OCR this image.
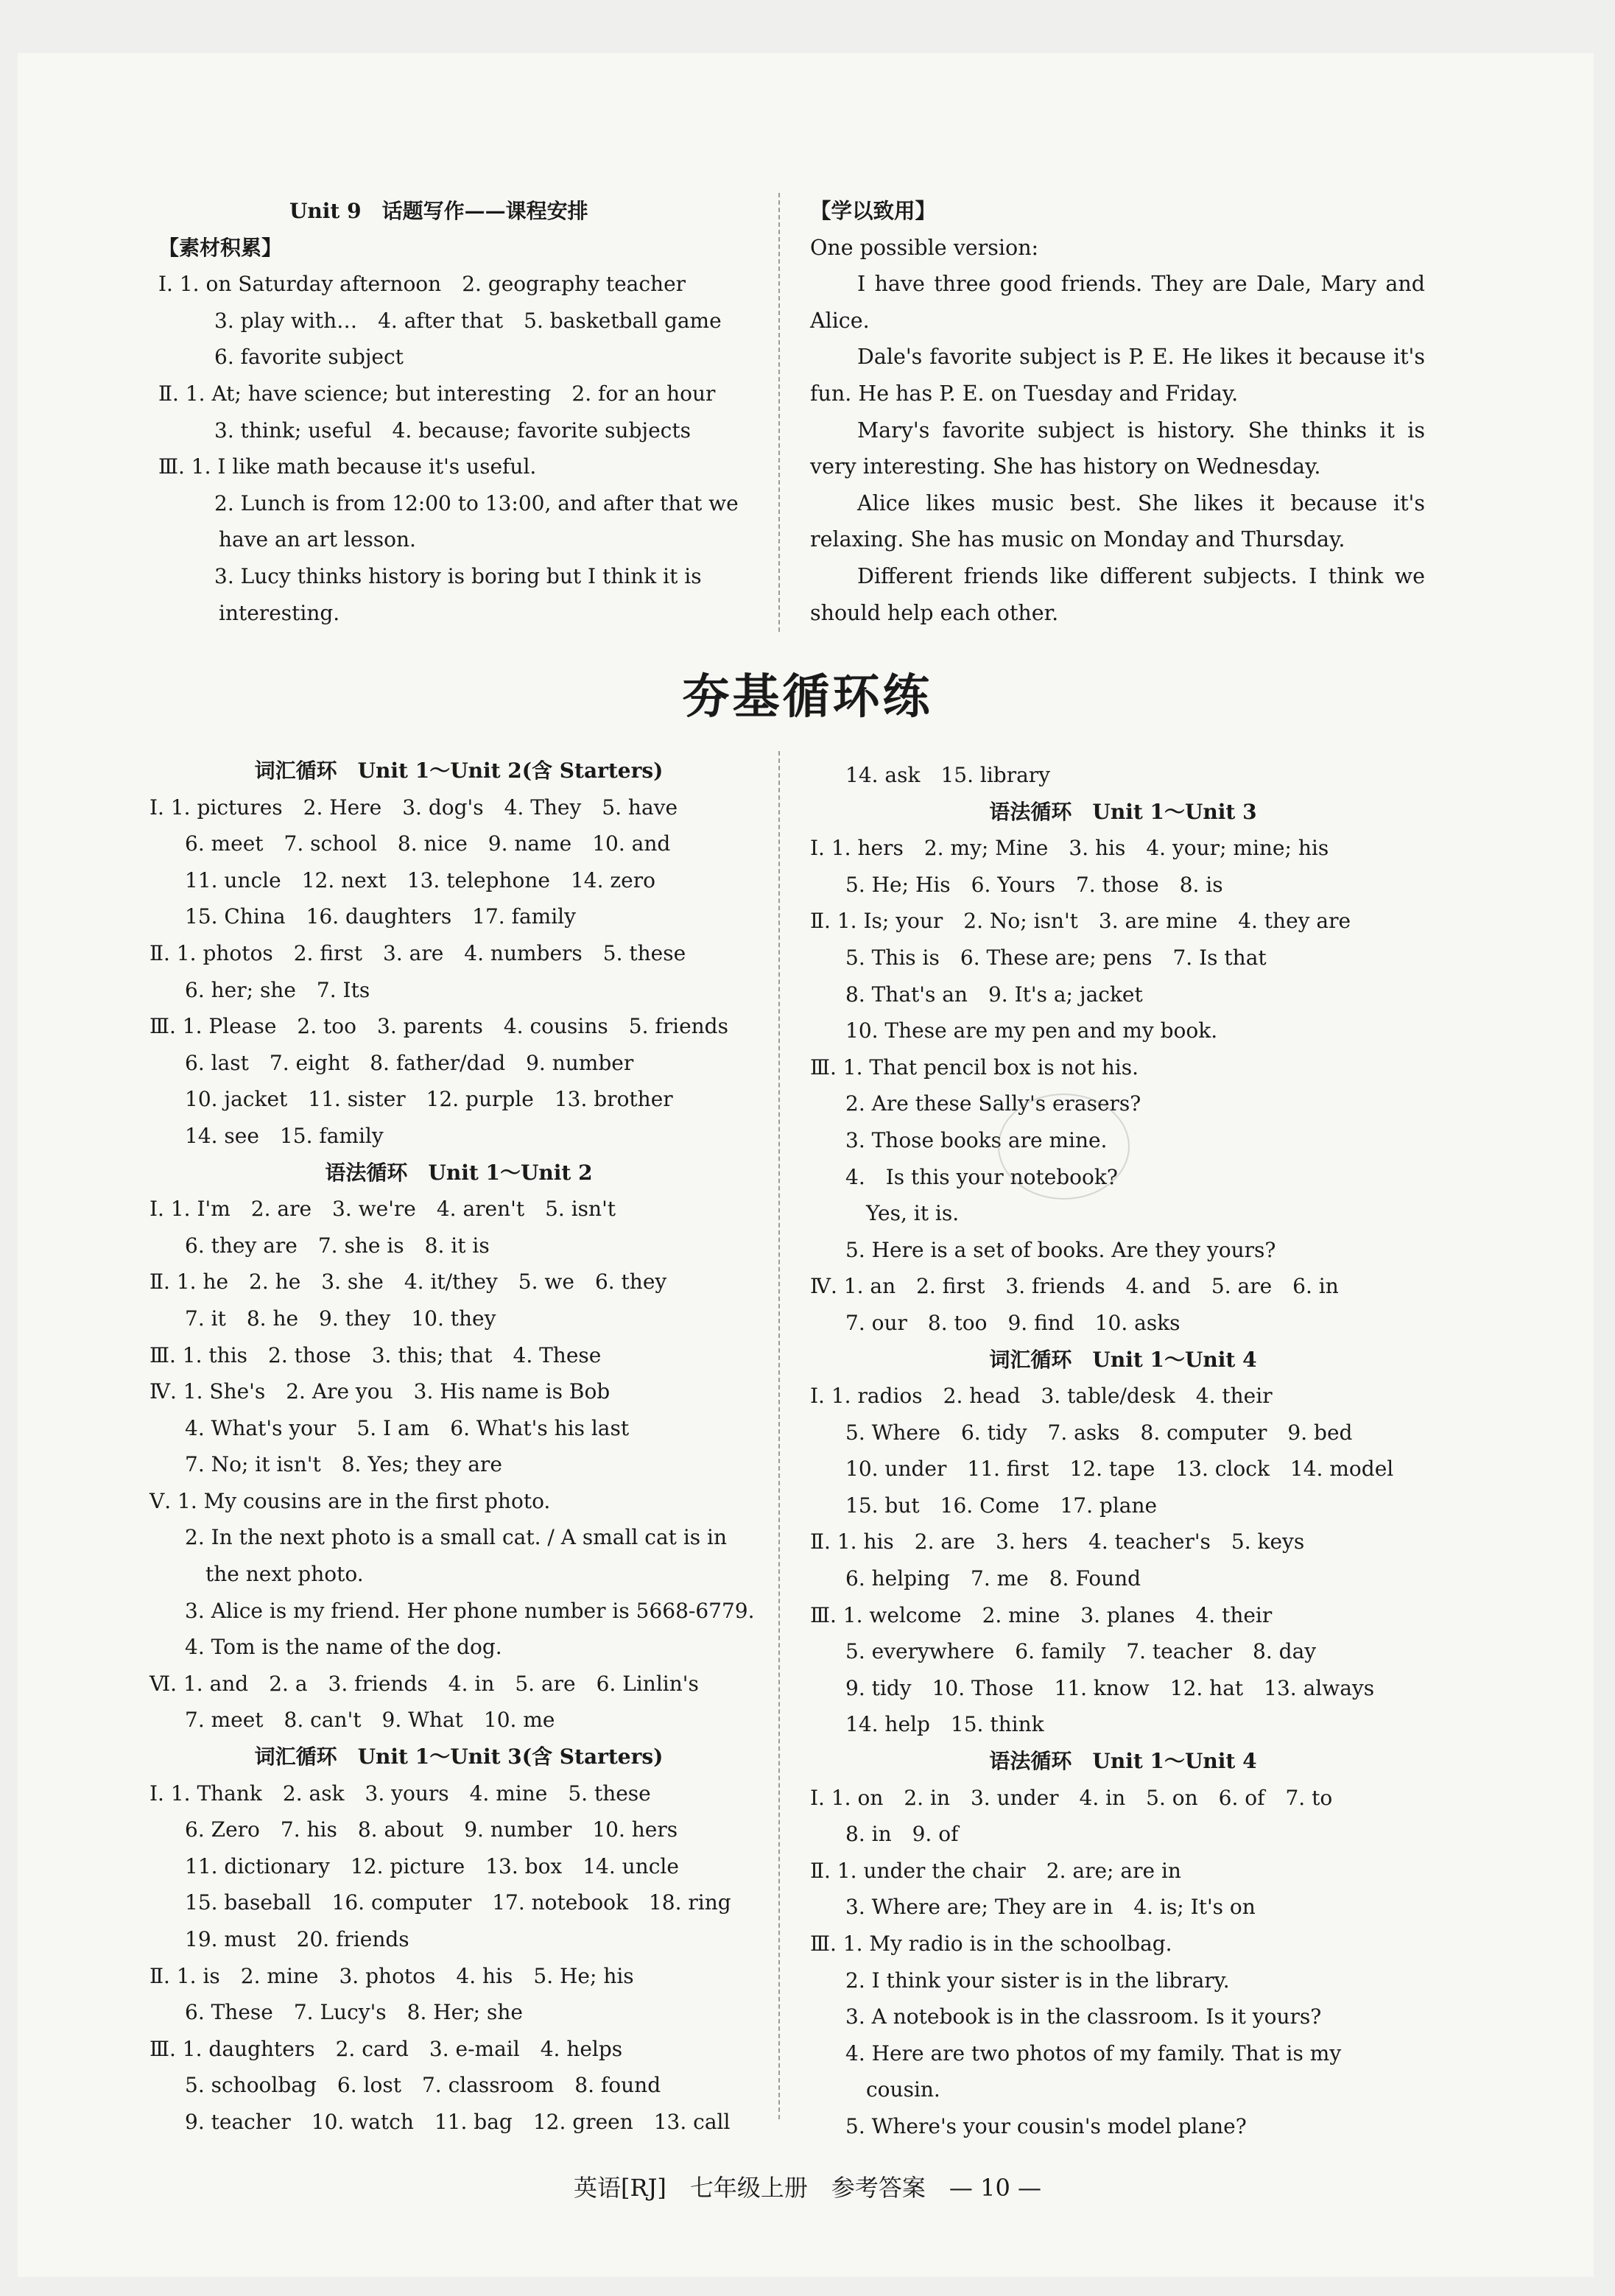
Unit 9　话题写作——课程安排
【素材积累】
Ⅰ. 1. on Saturday afternoon　2. geography teacher
3. play with…　4. after that　5. basketball game
6. favorite subject
Ⅱ. 1. At; have science; but interesting　2. for an hour
3. think; useful　4. because; favorite subjects
Ⅲ. 1. I like math because it's useful.
2. Lunch is from 12:00 to 13:00, and after that we
have an art lesson.
3. Lucy thinks history is boring but I think it is
interesting.
【学以致用】
One possible version:
I have three good friends. They are Dale, Mary and Alice.
Dale's favorite subject is P. E. He likes it because it's fun. He has P. E. on Tuesday and Friday.
Mary's favorite subject is history. She thinks it is very interesting. She has history on Wednesday.
Alice likes music best. She likes it because it's relaxing. She has music on Monday and Thursday.
Different friends like different subjects. I think we should help each other.
夯基循环练
词汇循环　Unit 1～Unit 2(含 Starters)
Ⅰ. 1. pictures　2. Here　3. dog's　4. They　5. have
6. meet　7. school　8. nice　9. name　10. and
11. uncle　12. next　13. telephone　14. zero
15. China　16. daughters　17. family
Ⅱ. 1. photos　2. first　3. are　4. numbers　5. these
6. her; she　7. Its
Ⅲ. 1. Please　2. too　3. parents　4. cousins　5. friends
6. last　7. eight　8. father/dad　9. number
10. jacket　11. sister　12. purple　13. brother
14. see　15. family
语法循环　Unit 1～Unit 2
Ⅰ. 1. I'm　2. are　3. we're　4. aren't　5. isn't
6. they are　7. she is　8. it is
Ⅱ. 1. he　2. he　3. she　4. it/they　5. we　6. they
7. it　8. he　9. they　10. they
Ⅲ. 1. this　2. those　3. this; that　4. These
Ⅳ. 1. She's　2. Are you　3. His name is Bob
4. What's your　5. I am　6. What's his last
7. No; it isn't　8. Yes; they are
Ⅴ. 1. My cousins are in the first photo.
2. In the next photo is a small cat. / A small cat is in
the next photo.
3. Alice is my friend. Her phone number is 5668-6779.
4. Tom is the name of the dog.
Ⅵ. 1. and　2. a　3. friends　4. in　5. are　6. Linlin's
7. meet　8. can't　9. What　10. me
词汇循环　Unit 1～Unit 3(含 Starters)
Ⅰ. 1. Thank　2. ask　3. yours　4. mine　5. these
6. Zero　7. his　8. about　9. number　10. hers
11. dictionary　12. picture　13. box　14. uncle
15. baseball　16. computer　17. notebook　18. ring
19. must　20. friends
Ⅱ. 1. is　2. mine　3. photos　4. his　5. He; his
6. These　7. Lucy's　8. Her; she
Ⅲ. 1. daughters　2. card　3. e-mail　4. helps
5. schoolbag　6. lost　7. classroom　8. found
9. teacher　10. watch　11. bag　12. green　13. call
14. ask　15. library
语法循环　Unit 1～Unit 3
Ⅰ. 1. hers　2. my; Mine　3. his　4. your; mine; his
5. He; His　6. Yours　7. those　8. is
Ⅱ. 1. Is; your　2. No; isn't　3. are mine　4. they are
5. This is　6. These are; pens　7. Is that
8. That's an　9. It's a; jacket
10. These are my pen and my book.
Ⅲ. 1. That pencil box is not his.
2. Are these Sally's erasers?
3. Those books are mine.
4.　Is this your notebook?
Yes, it is.
5. Here is a set of books. Are they yours?
Ⅳ. 1. an　2. first　3. friends　4. and　5. are　6. in
7. our　8. too　9. find　10. asks
词汇循环　Unit 1～Unit 4
Ⅰ. 1. radios　2. head　3. table/desk　4. their
5. Where　6. tidy　7. asks　8. computer　9. bed
10. under　11. first　12. tape　13. clock　14. model
15. but　16. Come　17. plane
Ⅱ. 1. his　2. are　3. hers　4. teacher's　5. keys
6. helping　7. me　8. Found
Ⅲ. 1. welcome　2. mine　3. planes　4. their
5. everywhere　6. family　7. teacher　8. day
9. tidy　10. Those　11. know　12. hat　13. always
14. help　15. think
语法循环　Unit 1～Unit 4
Ⅰ. 1. on　2. in　3. under　4. in　5. on　6. of　7. to
8. in　9. of
Ⅱ. 1. under the chair　2. are; are in
3. Where are; They are in　4. is; It's on
Ⅲ. 1. My radio is in the schoolbag.
2. I think your sister is in the library.
3. A notebook is in the classroom. Is it yours?
4. Here are two photos of my family. That is my
cousin.
5. Where's your cousin's model plane?
英语[RJ]　七年级上册　参考答案　— 10 —
